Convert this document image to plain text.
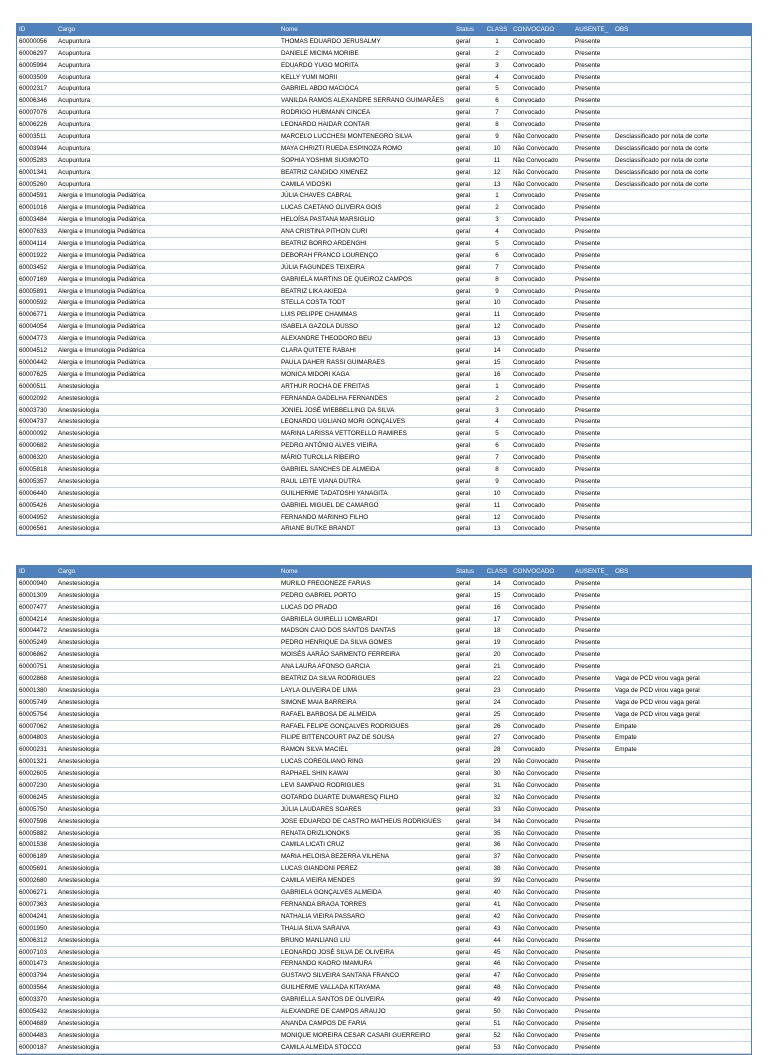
ID	Cargo	Nome	Status	CLASS CONVOCADO	AUSENTE_	OBS
60000056	Acupuntura	THOMAS EDUARDO JERUSALMY	geral	1	Convocado	Presente
60006297	Acupuntura	DANIELE MICIMA MORIBE	geral	2	Convocado	Presente
60005994	Acupuntura	EDUARDO YUGO MORITA	geral	3	Convocado	Presente
60003509	Acupuntura	KELLY YUMI MORII	geral	4	Convocado	Presente
60002317	Acupuntura	GABRIEL ABDO MACIOCA	geral	5	Convocado	Presente
60006346	Acupuntura	VANILDA RAMOS ALEXANDRE SERRANO GUIMARÃES	geral	6	Convocado	Presente
60007076	Acupuntura	RODRIGO HUBMANN CINCEA	geral	7	Convocado	Presente
60006226	Acupuntura	LEONARDO HAIDAR CONTAR	geral	8	Convocado	Presente
60003511	Acupuntura	MARCELO LUCCHESI MONTENEGRO SILVA	geral	9	Não Convocado	Presente	Desclassificado por nota de corte
60003944	Acupuntura	MAYA CHRIZTI RUEDA ESPINOZA ROMO	geral	10	Não Convocado	Presente	Desclassificado por nota de corte
60005283	Acupuntura	SOPHIA YOSHIMI SUGIMOTO	geral	11	Não Convocado	Presente	Desclassificado por nota de corte
60001341	Acupuntura	BEATRIZ CANDIDO XIMENEZ	geral	12	Não Convocado	Presente	Desclassificado por nota de corte
60005260	Acupuntura	CAMILA VIDOSKI	geral	13	Não Convocado	Presente	Desclassificado por nota de corte
60004591	Alergia e Imunologia Pediátrica	JÚLIA CHAVES CABRAL	geral	1	Convocado	Presente
60001016	Alergia e Imunologia Pediátrica	LUCAS CAETANO OLIVEIRA GOIS	geral	2	Convocado	Presente
60003484	Alergia e Imunologia Pediátrica	HELOÍSA PASTANA MARSIGLIO	geral	3	Convocado	Presente
60007633	Alergia e Imunologia Pediátrica	ANA CRISTINA PITHON CURI	geral	4	Convocado	Presente
60004114	Alergia e Imunologia Pediátrica	BEATRIZ BORRO ARDENGHI	geral	5	Convocado	Presente
60001922	Alergia e Imunologia Pediátrica	DEBORAH FRANCO LOURENÇO	geral	6	Convocado	Presente
60003452	Alergia e Imunologia Pediátrica	JÚLIA FAGUNDES TEIXEIRA	geral	7	Convocado	Presente
60007169	Alergia e Imunologia Pediátrica	GABRIELA MARTINS DE QUEIROZ CAMPOS	geral	8	Convocado	Presente
60005891	Alergia e Imunologia Pediátrica	BEATRIZ LIKA AKIEDA	geral	9	Convocado	Presente
60000592	Alergia e Imunologia Pediátrica	STELLA COSTA TODT	geral	10	Convocado	Presente
60006771	Alergia e Imunologia Pediátrica	LUIS PELIPPE CHAMMAS	geral	11	Convocado	Presente
60004054	Alergia e Imunologia Pediátrica	ISABELA GAZOLA DUSSO	geral	12	Convocado	Presente
60004773	Alergia e Imunologia Pediátrica	ALEXANDRE THEODORO BEU	geral	13	Convocado	Presente
60004512	Alergia e Imunologia Pediátrica	CLARA QUITETE RABAHI	geral	14	Convocado	Presente
60000442	Alergia e Imunologia Pediátrica	PAULA DAHER RASSI GUIMARAES	geral	15	Convocado	Presente
60007625	Alergia e Imunologia Pediátrica	MONICA MIDORI KAGA	geral	16	Convocado	Presente
60000511	Anestesiologia	ARTHUR ROCHA DE FREITAS	geral	1	Convocado	Presente
60002092	Anestesiologia	FERNANDA GADELHA FERNANDES	geral	2	Convocado	Presente
60003730	Anestesiologia	JONIEL JOSÉ WIEBBELLING DA SILVA	geral	3	Convocado	Presente
60004737	Anestesiologia	LEONARDO UGLIANO MORI GONÇALVES	geral	4	Convocado	Presente
60000092	Anestesiologia	MARINA LARISSA VETTORELLO RAMIRES	geral	5	Convocado	Presente
60000682	Anestesiologia	PEDRO ANTÔNIO ALVES VIEIRA	geral	6	Convocado	Presente
60006320	Anestesiologia	MÁRIO TUROLLA RIBEIRO	geral	7	Convocado	Presente
60005818	Anestesiologia	GABRIEL SANCHES DE ALMEIDA	geral	8	Convocado	Presente
60005357	Anestesiologia	RAUL LEITE VIANA DUTRA	geral	9	Convocado	Presente
60006440	Anestesiologia	GUILHERME TADATOSHI YANAGITA	geral	10	Convocado	Presente
60005426	Anestesiologia	GABRIEL MIGUEL DE CAMARGO	geral	11	Convocado	Presente
60004952	Anestesiologia	FERNANDO MARINHO FILHO	geral	12	Convocado	Presente
60006561	Anestesiologia	ARIANE BUTKE BRANDT	geral	13	Convocado	Presente
ID	Cargo	Nome	Status	CLASS CONVOCADO	AUSENTE_	OBS
60000940	Anestesiologia	MURILO FREGONEZE FARIAS	geral	14	Convocado	Presente
60001309	Anestesiologia	PEDRO GABRIEL PORTO	geral	15	Convocado	Presente
60007477	Anestesiologia	LUCAS DO PRADO	geral	16	Convocado	Presente
60004214	Anestesiologia	GABRIELA GUIRELLI LOMBARDI	geral	17	Convocado	Presente
60004472	Anestesiologia	MADSON CAIO DOS SANTOS DANTAS	geral	18	Convocado	Presente
60005249	Anestesiologia	PEDRO HENRIQUE DA SILVA GOMES	geral	19	Convocado	Presente
60006862	Anestesiologia	MOISÉS AARÃO SARMENTO FERREIRA	geral	20	Convocado	Presente
60000751	Anestesiologia	ANA LAURA AFONSO GARCIA	geral	21	Convocado	Presente
60002868	Anestesiologia	BEATRIZ DA SILVA RODRIGUES	geral	22	Convocado	Presente	Vaga de PCD virou vaga geral
60001380	Anestesiologia	LAYLA OLIVEIRA DE LIMA	geral	23	Convocado	Presente	Vaga de PCD virou vaga geral
60005749	Anestesiologia	SIMONE MAIA BARREIRA	geral	24	Convocado	Presente	Vaga de PCD virou vaga geral
60005754	Anestesiologia	RAFAEL BARBOSA DE ALMEIDA	geral	25	Convocado	Presente	Vaga de PCD virou vaga geral
60007062	Anestesiologia	RAFAEL FELIPE GONÇALVES RODRIGUES	geral	26	Convocado	Presente	Empate
60004803	Anestesiologia	FILIPE BITTENCOURT PAZ DE SOUSA	geral	27	Convocado	Presente	Empate
60000231	Anestesiologia	RAMON SILVA MACIEL	geral	28	Convocado	Presente	Empate
60001321	Anestesiologia	LUCAS COREGLIANO RING	geral	29	Não Convocado	Presente
60002605	Anestesiologia	RAPHAEL SHIN KAWAI	geral	30	Não Convocado	Presente
60007230	Anestesiologia	LEVI SAMPAIO RODRIGUES	geral	31	Não Convocado	Presente
60006245	Anestesiologia	GOTARDO DUARTE DUMARESQ FILHO	geral	32	Não Convocado	Presente
60005750	Anestesiologia	JÚLIA LAUDARES SOARES	geral	33	Não Convocado	Presente
60007596	Anestesiologia	JOSE EDUARDO DE CASTRO MATHEUS RODRIGUES	geral	34	Não Convocado	Presente
60005882	Anestesiologia	RENATA DRIZLIONOKS	geral	35	Não Convocado	Presente
60001538	Anestesiologia	CAMILA LICATI CRUZ	geral	36	Não Convocado	Presente
60006189	Anestesiologia	MARIA HELOISA BEZERRA VILHENA	geral	37	Não Convocado	Presente
60005691	Anestesiologia	LUCAS GIANDONI PEREZ	geral	38	Não Convocado	Presente
60002680	Anestesiologia	CAMILA VIEIRA MENDES	geral	39	Não Convocado	Presente
60006271	Anestesiologia	GABRIELA GONÇALVES ALMEIDA	geral	40	Não Convocado	Presente
60007363	Anestesiologia	FERNANDA BRAGA TORRES	geral	41	Não Convocado	Presente
60004241	Anestesiologia	NATHALIA VIEIRA PASSARO	geral	42	Não Convocado	Presente
60001950	Anestesiologia	THALIA SILVA SARAIVA	geral	43	Não Convocado	Presente
60006312	Anestesiologia	BRUNO MANLIANG LIU	geral	44	Não Convocado	Presente
60007103	Anestesiologia	LEONARDO JOSÉ SILVA DE OLIVEIRA	geral	45	Não Convocado	Presente
60001473	Anestesiologia	FERNANDO KAORO IMAMURA	geral	46	Não Convocado	Presente
60003794	Anestesiologia	GUSTAVO SILVEIRA SANTANA FRANCO	geral	47	Não Convocado	Presente
60003564	Anestesiologia	GUILHERME VALLADA KITAYAMA	geral	48	Não Convocado	Presente
60003370	Anestesiologia	GABRIELLA SANTOS DE OLIVEIRA	geral	49	Não Convocado	Presente
60005432	Anestesiologia	ALEXANDRE DE CAMPOS ARAUJO	geral	50	Não Convocado	Presente
60004689	Anestesiologia	ANANDA CAMPOS DE FARIA	geral	51	Não Convocado	Presente
60004483	Anestesiologia	MONIQUE MOREIRA CESAR CASARI GUERREIRO	geral	52	Não Convocado	Presente
60000187	Anestesiologia	CAMILA ALMEIDA STOCCO	geral	53	Não Convocado	Presente
